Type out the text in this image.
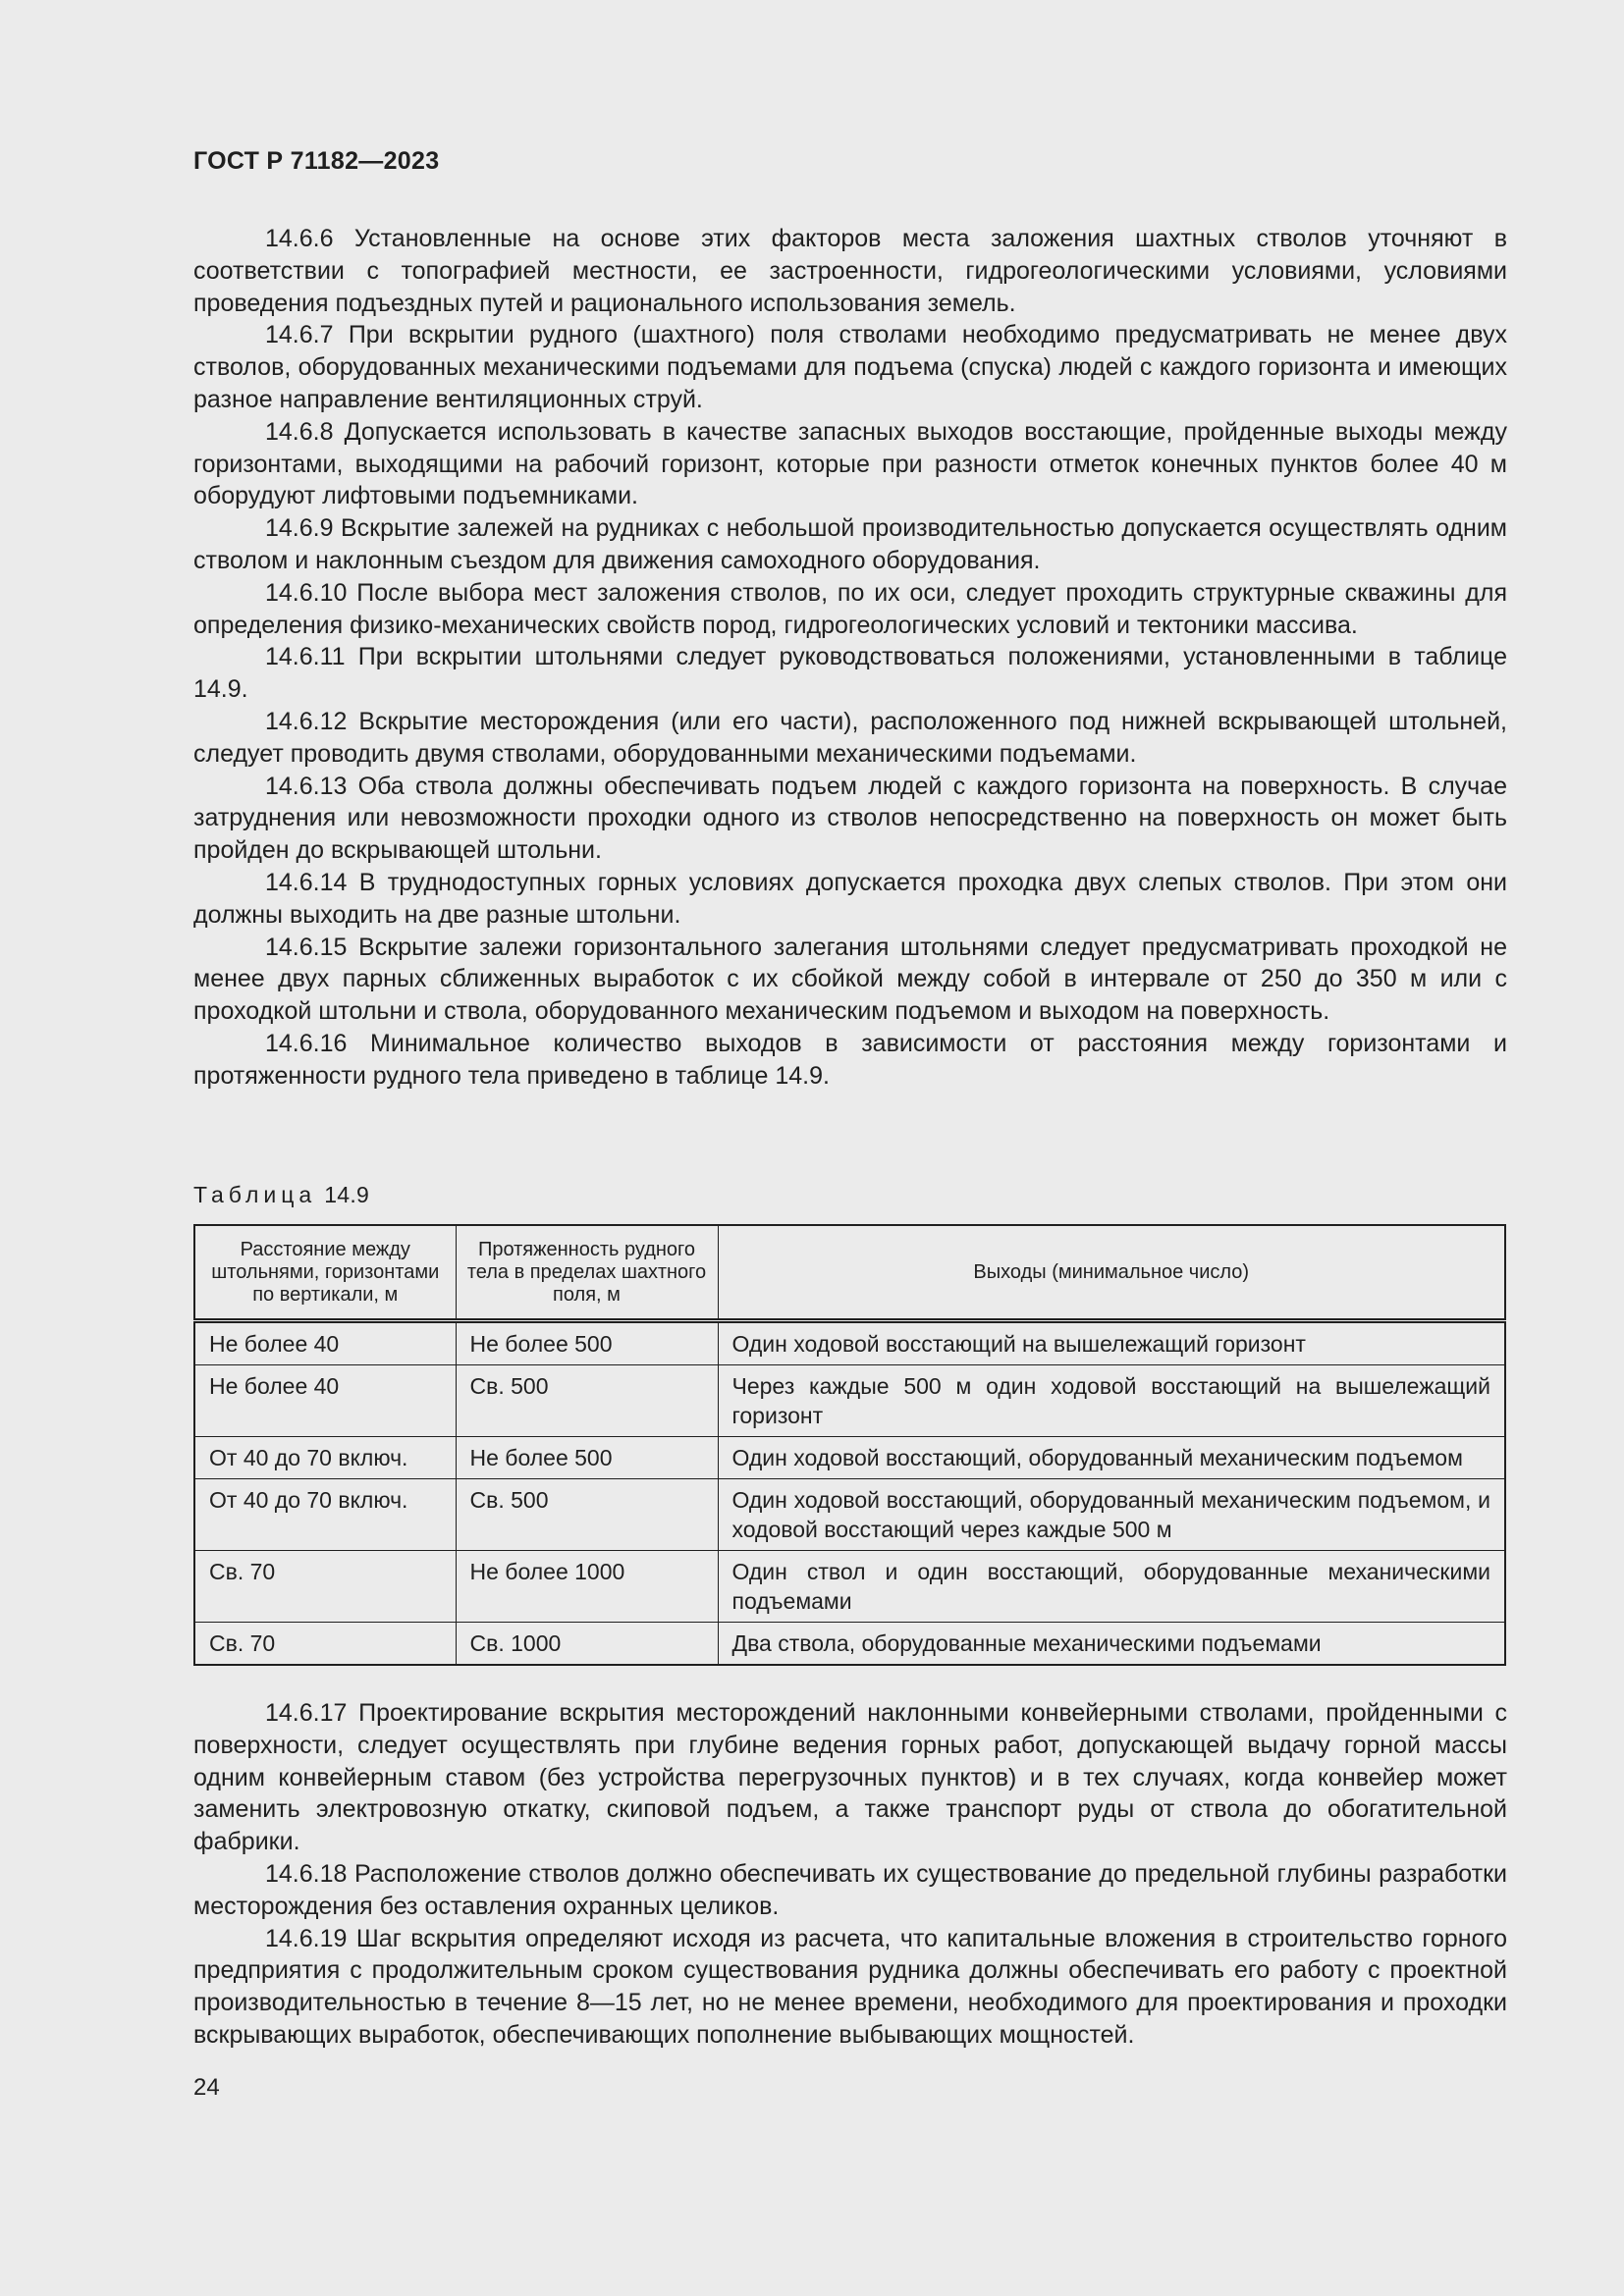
ГОСТ Р 71182—2023

14.6.6 Установленные на основе этих факторов места заложения шахтных стволов уточняют в соответствии с топографией местности, ее застроенности, гидрогеологическими условиями, условиями проведения подъездных путей и рационального использования земель.

14.6.7 При вскрытии рудного (шахтного) поля стволами необходимо предусматривать не менее двух стволов, оборудованных механическими подъемами для подъема (спуска) людей с каждого горизонта и имеющих разное направление вентиляционных струй.

14.6.8 Допускается использовать в качестве запасных выходов восстающие, пройденные выходы между горизонтами, выходящими на рабочий горизонт, которые при разности отметок конечных пунктов более 40 м оборудуют лифтовыми подъемниками.

14.6.9 Вскрытие залежей на рудниках с небольшой производительностью допускается осуществлять одним стволом и наклонным съездом для движения самоходного оборудования.

14.6.10 После выбора мест заложения стволов, по их оси, следует проходить структурные скважины для определения физико-механических свойств пород, гидрогеологических условий и тектоники массива.

14.6.11 При вскрытии штольнями следует руководствоваться положениями, установленными в таблице 14.9.

14.6.12 Вскрытие месторождения (или его части), расположенного под нижней вскрывающей штольней, следует проводить двумя стволами, оборудованными механическими подъемами.

14.6.13 Оба ствола должны обеспечивать подъем людей с каждого горизонта на поверхность. В случае затруднения или невозможности проходки одного из стволов непосредственно на поверхность он может быть пройден до вскрывающей штольни.

14.6.14 В труднодоступных горных условиях допускается проходка двух слепых стволов. При этом они должны выходить на две разные штольни.

14.6.15 Вскрытие залежи горизонтального залегания штольнями следует предусматривать проходкой не менее двух парных сближенных выработок с их сбойкой между собой в интервале от 250 до 350 м или с проходкой штольни и ствола, оборудованного механическим подъемом и выходом на поверхность.

14.6.16 Минимальное количество выходов в зависимости от расстояния между горизонтами и протяженности рудного тела приведено в таблице 14.9.

Таблица 14.9
Расстояние между штольнями, горизонтами по вертикали, м	Протяженность рудного тела в пределах шахтного поля, м	Выходы (минимальное число)
Не более 40	Не более 500	Один ходовой восстающий на вышележащий горизонт
Не более 40	Св. 500	Через каждые 500 м один ходовой восстающий на вышележащий горизонт
От 40 до 70 включ.	Не более 500	Один ходовой восстающий, оборудованный механическим подъемом
От 40 до 70 включ.	Св. 500	Один ходовой восстающий, оборудованный механическим подъемом, и ходовой восстающий через каждые 500 м
Св. 70	Не более 1000	Один ствол и один восстающий, оборудованные механическими подъемами
Св. 70	Св. 1000	Два ствола, оборудованные механическими подъемами

14.6.17 Проектирование вскрытия месторождений наклонными конвейерными стволами, пройденными с поверхности, следует осуществлять при глубине ведения горных работ, допускающей выдачу горной массы одним конвейерным ставом (без устройства перегрузочных пунктов) и в тех случаях, когда конвейер может заменить электровозную откатку, скиповой подъем, а также транспорт руды от ствола до обогатительной фабрики.

14.6.18 Расположение стволов должно обеспечивать их существование до предельной глубины разработки месторождения без оставления охранных целиков.

14.6.19 Шаг вскрытия определяют исходя из расчета, что капитальные вложения в строительство горного предприятия с продолжительным сроком существования рудника должны обеспечивать его работу с проектной производительностью в течение 8—15 лет, но не менее времени, необходимого для проектирования и проходки вскрывающих выработок, обеспечивающих пополнение выбывающих мощностей.

24
